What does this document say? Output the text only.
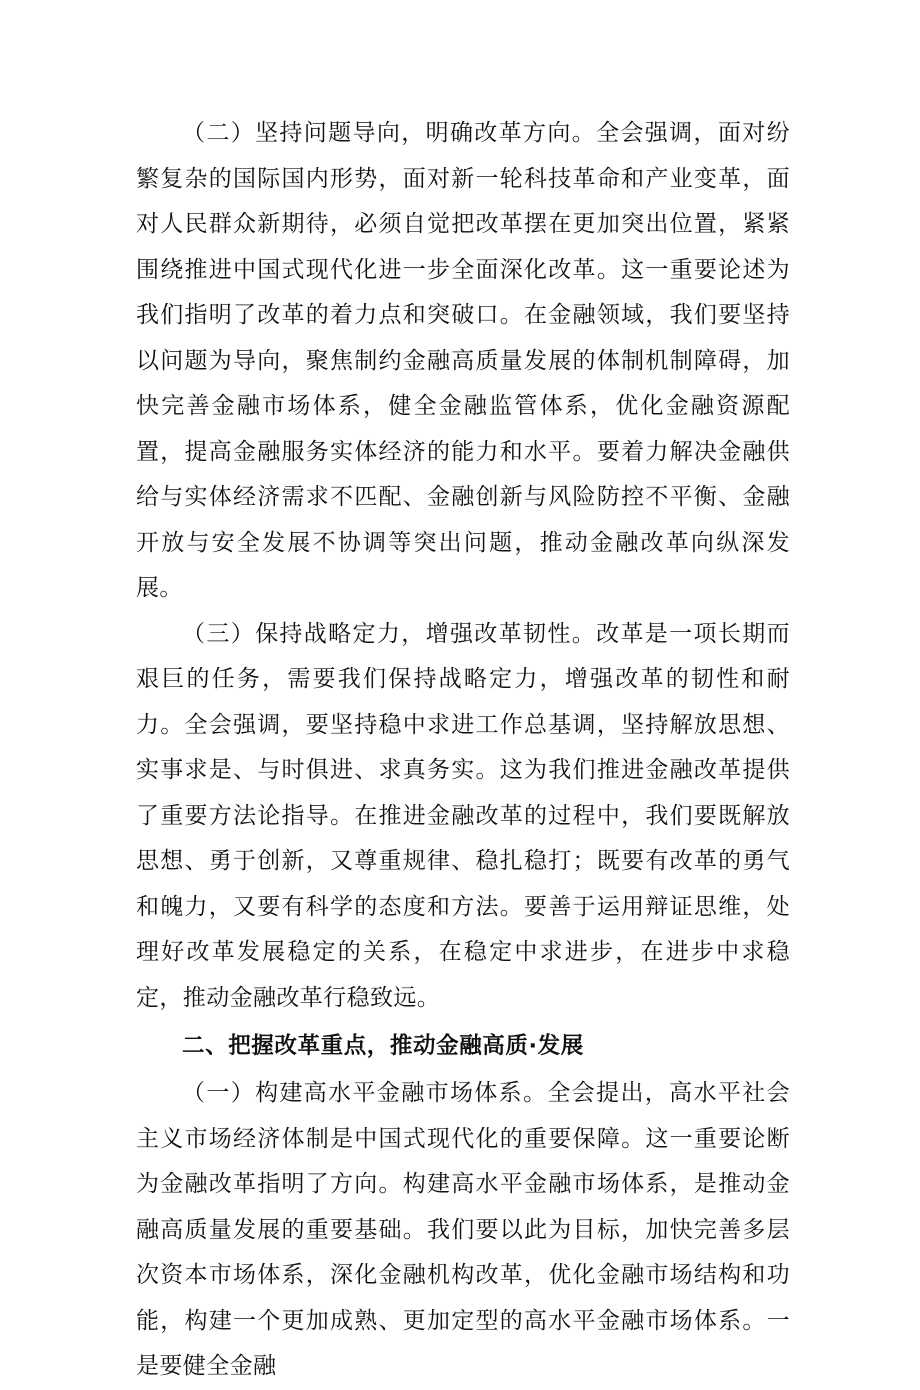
（二）坚持问题导向，明确改革方向。全会强调，面对纷繁复杂的国际国内形势，面对新一轮科技革命和产业变革，面对人民群众新期待，必须自觉把改革摆在更加突出位置，紧紧围绕推进中国式现代化进一步全面深化改革。这一重要论述为我们指明了改革的着力点和突破口。在金融领域，我们要坚持以问题为导向，聚焦制约金融高质量发展的体制机制障碍，加快完善金融市场体系，健全金融监管体系，优化金融资源配置，提高金融服务实体经济的能力和水平。要着力解决金融供给与实体经济需求不匹配、金融创新与风险防控不平衡、金融开放与安全发展不协调等突出问题，推动金融改革向纵深发展。

（三）保持战略定力，增强改革韧性。改革是一项长期而艰巨的任务，需要我们保持战略定力，增强改革的韧性和耐力。全会强调，要坚持稳中求进工作总基调，坚持解放思想、实事求是、与时俱进、求真务实。这为我们推进金融改革提供了重要方法论指导。在推进金融改革的过程中，我们要既解放思想、勇于创新，又尊重规律、稳扎稳打；既要有改革的勇气和魄力，又要有科学的态度和方法。要善于运用辩证思维，处理好改革发展稳定的关系，在稳定中求进步，在进步中求稳定，推动金融改革行稳致远。

二、把握改革重点，推动金融高质·发展

（一）构建高水平金融市场体系。全会提出，高水平社会主义市场经济体制是中国式现代化的重要保障。这一重要论断为金融改革指明了方向。构建高水平金融市场体系，是推动金融高质量发展的重要基础。我们要以此为目标，加快完善多层次资本市场体系，深化金融机构改革，优化金融市场结构和功能，构建一个更加成熟、更加定型的高水平金融市场体系。一是要健全金融
